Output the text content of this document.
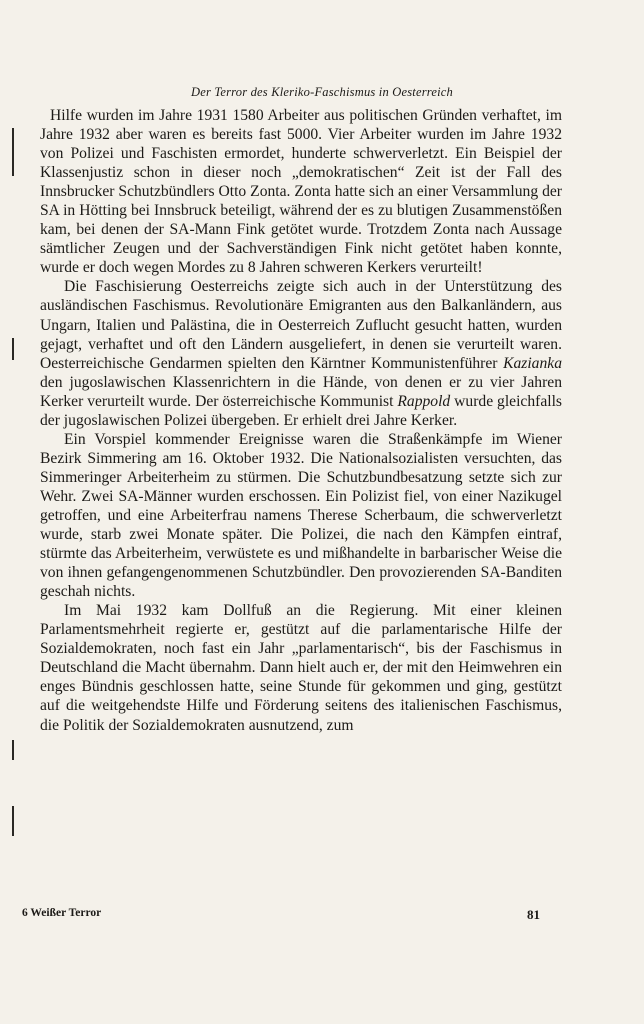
Der Terror des Kleriko-Faschismus in Oesterreich

Hilfe wurden im Jahre 1931 1580 Arbeiter aus politischen Gründen verhaftet, im Jahre 1932 aber waren es bereits fast 5000. Vier Arbeiter wurden im Jahre 1932 von Polizei und Faschisten ermordet, hunderte schwerverletzt. Ein Beispiel der Klassenjustiz schon in dieser noch „demokratischen“ Zeit ist der Fall des Innsbrucker Schutzbündlers Otto Zonta. Zonta hatte sich an einer Versammlung der SA in Hötting bei Innsbruck beteiligt, während der es zu blutigen Zusammenstößen kam, bei denen der SA-Mann Fink getötet wurde. Trotzdem Zonta nach Aussage sämtlicher Zeugen und der Sachverständigen Fink nicht getötet haben konnte, wurde er doch wegen Mordes zu 8 Jahren schweren Kerkers verurteilt!

Die Faschisierung Oesterreichs zeigte sich auch in der Unterstützung des ausländischen Faschismus. Revolutionäre Emigranten aus den Balkanländern, aus Ungarn, Italien und Palästina, die in Oesterreich Zuflucht gesucht hatten, wurden gejagt, verhaftet und oft den Ländern ausgeliefert, in denen sie verurteilt waren. Oesterreichische Gendarmen spielten den Kärntner Kommunistenführer Kazianka den jugoslawischen Klassenrichtern in die Hände, von denen er zu vier Jahren Kerker verurteilt wurde. Der österreichische Kommunist Rappold wurde gleichfalls der jugoslawischen Polizei übergeben. Er erhielt drei Jahre Kerker.

Ein Vorspiel kommender Ereignisse waren die Straßenkämpfe im Wiener Bezirk Simmering am 16. Oktober 1932. Die Nationalsozialisten versuchten, das Simmeringer Arbeiterheim zu stürmen. Die Schutzbundbesatzung setzte sich zur Wehr. Zwei SA-Männer wurden erschossen. Ein Polizist fiel, von einer Nazikugel getroffen, und eine Arbeiterfrau namens Therese Scherbaum, die schwerverletzt wurde, starb zwei Monate später. Die Polizei, die nach den Kämpfen eintraf, stürmte das Arbeiterheim, verwüstete es und mißhandelte in barbarischer Weise die von ihnen gefangengenommenen Schutzbündler. Den provozierenden SA-Banditen geschah nichts.

Im Mai 1932 kam Dollfuß an die Regierung. Mit einer kleinen Parlamentsmehrheit regierte er, gestützt auf die parlamentarische Hilfe der Sozialdemokraten, noch fast ein Jahr „parlamentarisch“, bis der Faschismus in Deutschland die Macht übernahm. Dann hielt auch er, der mit den Heimwehren ein enges Bündnis geschlossen hatte, seine Stunde für gekommen und ging, gestützt auf die weitgehendste Hilfe und Förderung seitens des italienischen Faschismus, die Politik der Sozialdemokraten ausnutzend, zum

6 Weißer Terror	81
